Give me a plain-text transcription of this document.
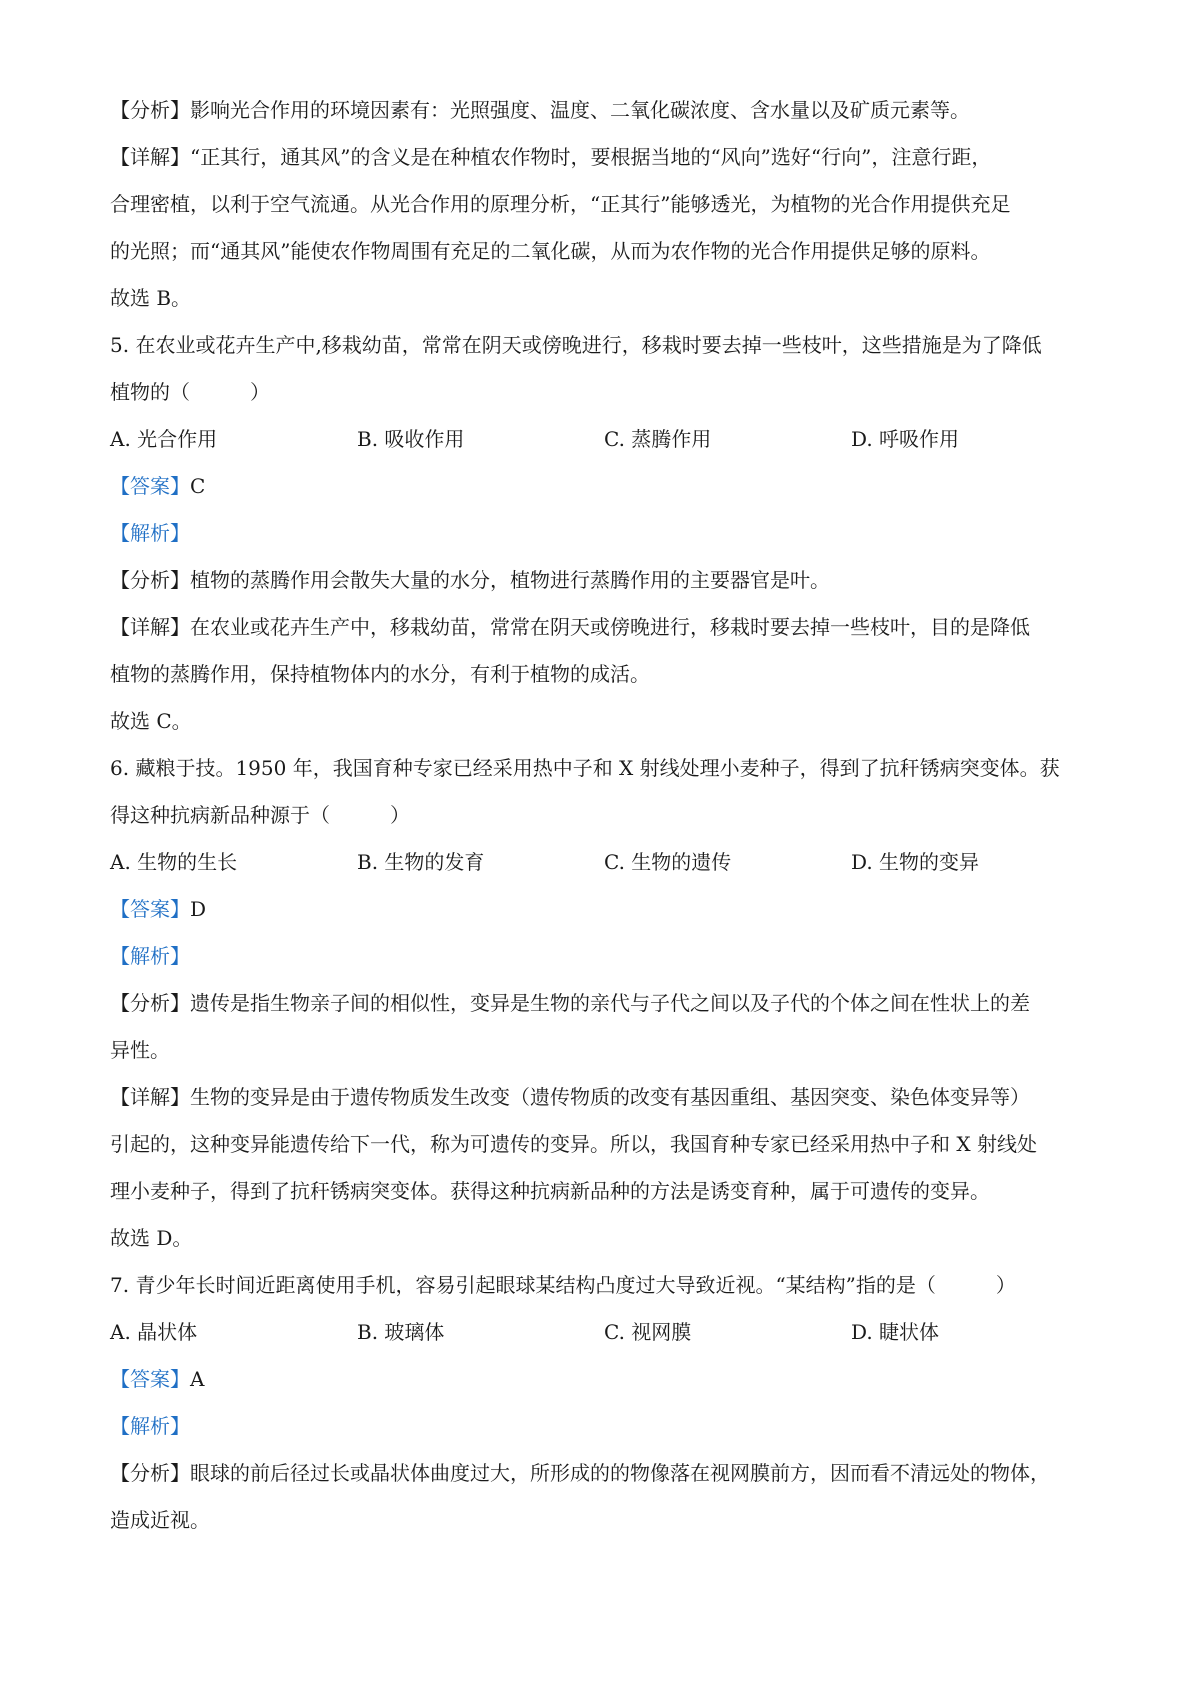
【分析】影响光合作用的环境因素有：光照强度、温度、二氧化碳浓度、含水量以及矿质元素等。
【详解】“正其行，通其风”的含义是在种植农作物时，要根据当地的“风向”选好“行向”，注意行距，
合理密植，以利于空气流通。从光合作用的原理分析，“正其行”能够透光，为植物的光合作用提供充足
的光照；而“通其风”能使农作物周围有充足的二氧化碳，从而为农作物的光合作用提供足够的原料。
故选 B。
5. 在农业或花卉生产中,移栽幼苗，常常在阴天或傍晚进行，移栽时要去掉一些枝叶，这些措施是为了降低
植物的（　　　）
A. 光合作用	B. 吸收作用	C. 蒸腾作用	D. 呼吸作用
【答案】C
【解析】
【分析】植物的蒸腾作用会散失大量的水分，植物进行蒸腾作用的主要器官是叶。
【详解】在农业或花卉生产中，移栽幼苗，常常在阴天或傍晚进行，移栽时要去掉一些枝叶，目的是降低
植物的蒸腾作用，保持植物体内的水分，有利于植物的成活。
故选 C。
6. 藏粮于技。1950 年，我国育种专家已经采用热中子和 X 射线处理小麦种子，得到了抗秆锈病突变体。获
得这种抗病新品种源于（　　　）
A. 生物的生长	B. 生物的发育	C. 生物的遗传	D. 生物的变异
【答案】D
【解析】
【分析】遗传是指生物亲子间的相似性，变异是生物的亲代与子代之间以及子代的个体之间在性状上的差
异性。
【详解】生物的变异是由于遗传物质发生改变（遗传物质的改变有基因重组、基因突变、染色体变异等）
引起的，这种变异能遗传给下一代，称为可遗传的变异。所以，我国育种专家已经采用热中子和 X 射线处
理小麦种子，得到了抗秆锈病突变体。获得这种抗病新品种的方法是诱变育种，属于可遗传的变异。
故选 D。
7. 青少年长时间近距离使用手机，容易引起眼球某结构凸度过大导致近视。“某结构”指的是（　　　）
A. 晶状体	B. 玻璃体	C. 视网膜	D. 睫状体
【答案】A
【解析】
【分析】眼球的前后径过长或晶状体曲度过大，所形成的的物像落在视网膜前方，因而看不清远处的物体，
造成近视。
